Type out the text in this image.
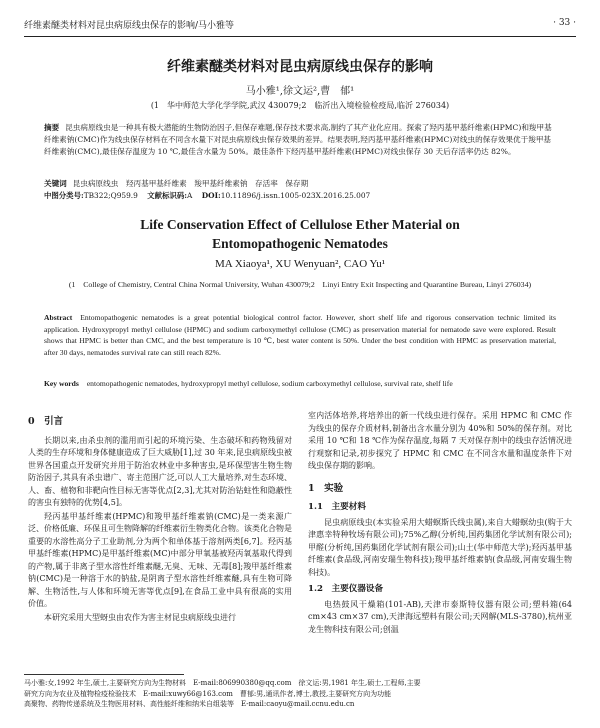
纤维素醚类材料对昆虫病原线虫保存的影响/马小雅等	· 33 ·
纤维素醚类材料对昆虫病原线虫保存的影响
马小雅¹,徐文运²,曹　郁¹
(1　华中师范大学化学学院,武汉 430079;2　临沂出入境检验检疫局,临沂 276034)
摘要 昆虫病原线虫是一种具有极大潜能的生物防治因子,但保存难题,保存技术要求高,制约了其产业化应用。探索了羟丙基甲基纤维素(HPMC)和羧甲基纤维素钠(CMC)作为线虫保存材料在不同含水量下对昆虫病原线虫保存效果的差异。结果表明,羟丙基甲基纤维素(HPMC)对线虫的保存效果优于羧甲基纤维素钠(CMC),最佳保存温度为 10 ℃,最佳含水量为 50%。最佳条件下经丙基甲基纤维素(HPMC)对线虫保存 30 天后存活率仍达 82%。
关键词 昆虫病原线虫　羟丙基甲基纤维素　羧甲基纤维素钠　存活率　保存期
中图分类号:TB322;Q959.9 文献标识码:A DOI:10.11896/j.issn.1005-023X.2016.25.007
Life Conservation Effect of Cellulose Ether Material on
Entomopathogenic Nematodes
MA Xiaoya¹, XU Wenyuan², CAO Yu¹
(1　College of Chemistry, Central China Normal University, Wuhan 430079;2　Linyi Entry Exit Inspecting and Quarantine Bureau, Linyi 276034)
Abstract Entomopathogenic nematodes is a great potential biological control factor. However, short shelf life and rigorous conservation technic limited its application. Hydroxypropyl methyl cellulose (HPMC) and sodium carboxymethyl cellulose (CMC) as preservation material for nematode save were explored. Result shows that HPMC is better than CMC, and the best temperature is 10 ℃, best water content is 50%. Under the best condition with HPMC as preservation material, after 30 days, nematodes survival rate can still reach 82%.
Key words entomopathogenic nematodes, hydroxypropyl methyl cellulose, sodium carboxymethyl cellulose, survival rate, shelf life
0　引言

长期以来,由杀虫剂的滥用而引起的环境污染、生态破坏和药物残留对人类的生存环境和身体健康造成了巨大威胁[1],过 30 年来,昆虫病原线虫被世界各国重点开发研究并用于防治农林业中多种害虫,是环保型害生物生物防治因子,其具有杀虫谱广、寄主范围广泛,可以人工大量培养,对生态环境、人、畜、植物和非靶向性目标无害等优点[2,3],尤其对防治钻蛀性和隐蔽性的害虫有独特的优势[4,5]。

羟丙基甲基纤维素(HPMC)和羧甲基纤维素钠(CMC)是一类来源广泛、价格低廉、环保且可生物降解的纤维素衍生物类化合物。该类化合物是重要的水溶性高分子工业助剂,分为两个和单体基于溶剂两类[6,7]。羟丙基甲基纤维素(HPMC)是甲基纤维素(MC)中部分甲氧基被羟丙氧基取代得到的产物,属于非离子型水溶性纤维素醚,无臭、无味、无毒[8];羧甲基纤维素钠(CMC)是一种溶于水的钠盐,是阴离子型水溶性纤维素醚,具有生物可降解、生物活性,与人体和环境无害等优点[9],在食品工业中具有很高的实用价值。

本研究采用大型蚜虫由农作为害主材昆虫病原线虫进行

室内活体培养,将培养出的新一代线虫进行保存。采用 HPMC 和 CMC 作为线虫的保存介质材料,制备出含水量分别为 40%和 50%的保存剂。对比采用 10 ℃和 18 ℃作为保存温度,每隔 7 天对保存剂中的线虫存活情况进行观察和记录,初步探究了 HPMC 和 CMC 在不同含水量和温度条件下对线虫保存期的影响。

1　实验
1.1　主要材料

昆虫病原线虫(本实验采用大蜡螟斯氏线虫属),来自大蜡螟幼虫(购于大津惠幸特种牧场有限公司);75%乙醇(分析纯,国药集团化学试剂有限公司);甲醛(分析纯,国药集团化学试剂有限公司);山土(华中师范大学);羟丙基甲基纤维素(食品级,河南安瑞生物科技);羧甲基纤维素钠(食品级,河南安瑞生物科技)。

1.2　主要仪器设备

电热鼓风干燥箱(101-AB),天津市泰斯特仪器有限公司;塑料箱(64 cm×43 cm×37 cm),天津海远塑料有限公司;天网解(MLS-3780),杭州亚龙生物科技有限公司;创温

马小雅:女,1992 年生,硕士,主要研究方向为生物材料　E-mail:806990380@qq.com　徐文运:男,1981 年生,硕士,工程师,主要
研究方向为农业及植物检疫检验技术　E-mail:xuwy66@163.com　曹郁:男,通讯作者,博士,教授,主要研究方向为功能
高聚物、药物传递系统及生物医用材料、高性能纤维和纳米自组装等　E-mail:caoyu@mail.ccnu.edu.cn
